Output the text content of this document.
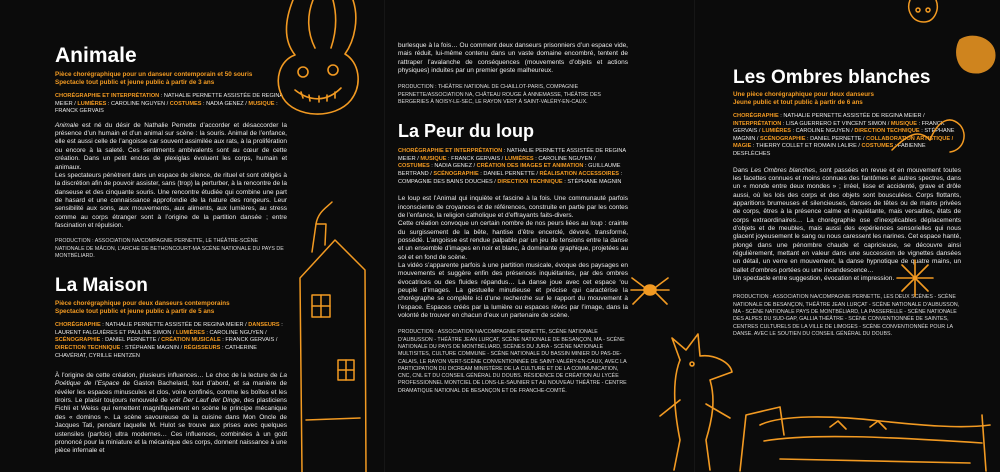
Animale

Pièce chorégraphique pour un danseur contemporain et 50 souris

Spectacle tout public et jeune public à partir de 3 ans

CHORÉGRAPHIE ET INTERPRÉTATION : NATHALIE PERNETTE ASSISTÉE DE REGINA MEIER / LUMIÈRES : CAROLINE NGUYEN / COSTUMES : NADIA GENEZ / MUSIQUE : FRANCK GERVAIS

Animale est né du désir de Nathalie Pernette d’accorder et désaccorder la présence d’un humain et d’un animal sur scène : la souris. Animal de l’enfance, elle est aussi celle de l’angoisse car souvent assimilée aux rats, à la prolifération ou encore à la saleté. Ces sentiments ambivalents sont au cœur de cette création. Dans un petit enclos de plexiglas évoluent les corps, humain et animaux.

Les spectateurs pénètrent dans un espace de silence, de rituel et sont obligés à la discrétion afin de pouvoir assister, sans (trop) la perturber, à la rencontre de la danseuse et des cinquante souris. Une rencontre étudiée qui combine une part de hasard et une connaissance approfondie de la nature des rongeurs. Leur sensibilité aux sons, aux mouvements, aux aliments, aux lumières, au stress comme au corps étranger sont à l’origine de la partition dansée ; entre fascination et répulsion.

PRODUCTION : ASSOCIATION NA/COMPAGNIE PERNETTE, LE THÉÂTRE-SCÈNE NATIONALE DE MÂCON, L’ARCHE DE BETHONCOURT-MA SCÈNE NATIONALE DU PAYS DE MONTBÉLIARD.

La Maison

Pièce chorégraphique pour deux danseurs contemporains

Spectacle tout public et jeune public à partir de 5 ans

CHORÉGRAPHIE : NATHALIE PERNETTE ASSISTÉE DE REGINA MEIER / DANSEURS : LAURENT FALGUIÈRES ET PAULINE SIMON / LUMIÈRES : CAROLINE NGUYEN / SCÉNOGRAPHIE : DANIEL PERNETTE / CRÉATION MUSICALE : FRANCK GERVAIS / DIRECTION TECHNIQUE : STÉPHANE MAGNIN / RÉGISSEURS : CATHERINE CHAVÉRIAT, CYRILLE HENTZEN

À l’origine de cette création, plusieurs influences… Le choc de la lecture de La Poétique de l’Espace de Gaston Bachelard, tout d’abord, et sa manière de révéler les espaces minuscules et clos, voire confinés, comme les boîtes et les tiroirs. Le plaisir toujours renouvelé de voir Der Lauf der Dinge, des plasticiens Fichli et Weiss qui remettent magnifiquement en scène le principe mécanique des « dominos ». La scène savoureuse de la cuisine dans Mon Oncle de Jacques Tati, pendant laquelle M. Hulot se trouve aux prises avec quelques ustensiles (parfois) ultra modernes… Ces influences, combinées à un goût prononcé pour la miniature et la mécanique des corps, donnent naissance à une pièce infernale et

burlesque à la fois… Ou comment deux danseurs prisonniers d’un espace vide, mais réduit, lui-même contenu dans un vaste domaine encombré, tentent de rattraper l’avalanche de conséquences (mouvements d’objets et actions physiques) induites par un premier geste malheureux.

PRODUCTION : THÉÂTRE NATIONAL DE CHAILLOT-PARIS, COMPAGNIE PERNETTE/ASSOCIATION NA, CHÂTEAU ROUGE À ANNEMASSE, THÉÂTRE DES BERGERIES À NOISY-LE-SEC, LE RAYON VERT À SAINT-VALÉRY-EN-CAUX.

La Peur du loup

CHORÉGRAPHIE ET INTERPRÉTATION : NATHALIE PERNETTE ASSISTÉE DE REGINA MEIER / MUSIQUE : FRANCK GERVAIS / LUMIÈRES : CAROLINE NGUYEN / COSTUMES : NADIA GENEZ / CRÉATION DES IMAGES ET ANIMATION : GUILLAUME BERTRAND / SCÉNOGRAPHIE : DANIEL PERNETTE / RÉALISATION ACCESSOIRES : COMPAGNIE DES BAINS DOUCHES / DIRECTION TECHNIQUE : STÉPHANE MAGNIN

Le loup est l’Animal qui inquiète et fascine à la fois. Une communauté parfois inconsciente de croyances et de références, construite en partie par les contes de l’enfance, la religion catholique et d’effrayants faits-divers.

Cette création convoque un certain nombre de nos peurs liées au loup : crainte du surgissement de la bête, hantise d’être encerclé, dévoré, transformé, possédé. L’angoisse est rendue palpable par un jeu de tensions entre la danse et un ensemble d’images en noir et blanc, à dominante graphique, projetées au sol et en fond de scène.

La vidéo s’apparente parfois à une partition musicale, évoque des paysages en mouvements et suggère enfin des présences inquiétantes, par des ombres évocatrices ou des fluides répandus… La danse joue avec cet espace ‘ou peuplé d’images. La gestuelle minutieuse et précise qui caractérise la chorégraphe se complète ici d’une recherche sur le rapport du mouvement à l’espace. Espaces créés par la lumière ou espaces révés par l’image, dans la volonté de trouver en chacun d’eux un partenaire de scène.

PRODUCTION : ASSOCIATION NA/COMPAGNIE PERNETTE, SCÈNE NATIONALE D’AUBUSSON - THÉÂTRE JEAN LURÇAT, SCÈNE NATIONALE DE BESANÇON, MA - SCÈNE NATIONALE DU PAYS DE MONTBÉLIARD, SCÈNES DU JURA - SCÈNE NATIONALE MULTISITES, CULTURE COMMUNE - SCÈNE NATIONALE DU BASSIN MINIER DU PAS-DE-CALAIS, LE RAYON VERT-SCÈNE CONVENTIONNÉE DE SAINT-VALÉRY-EN-CAUX, AVEC LA PARTICIPATION DU DICREAM MINISTÈRE DE LA CULTURE ET DE LA COMMUNICATION, CNC, CNL ET DU CONSEIL GÉNÉRAL DU DOUBS. RÉSIDENCE DE CRÉATION AU LYCÉE PROFESSIONNEL MONTCIEL DE LONS-LE-SAUNIER ET AU NOUVEAU THÉÂTRE - CENTRE DRAMATIQUE NATIONAL DE BESANÇON ET DE FRANCHE-COMTÉ.

Les Ombres blanches

Une pièce chorégraphique pour deux danseurs

Jeune public et tout public à partir de 6 ans

CHORÉGRAPHIE : NATHALIE PERNETTE ASSISTÉE DE REGINA MEIER / INTERPRÉTATION : LISA GUERRERO ET VINCENT SIMON / MUSIQUE : FRANCK GERVAIS / LUMIÈRES : CAROLINE NGUYEN / DIRECTION TECHNIQUE : STÉPHANE MAGNIN / SCÉNOGRAPHIE : DANIEL PERNETTE / COLLABORATION ARTISTIQUE / MAGIE : THIERRY COLLET ET ROMAIN LALIRE / COSTUMES : FABIENNE DESFLÈCHES

Dans Les Ombres blanches, sont passées en revue et en mouvement toutes les facettes connues et moins connues des fantômes et autres spectres, dans un « monde entre deux mondes » ; irréel, lisse et accidenté, grave et drôle aussi, où les lois des corps et des objets sont bousculées. Corps flottants, apparitions brumeuses et silencieuses, danses de têtes ou de mains privées de corps, êtres à la présence calme et inquiétante, mais versatiles, êtats de corps extraordinaires… La chorégraphie ose d’inexplicables déplacements d’objets et de meubles, mais aussi des expériences sensorielles qui nous glacent joyeusement le sang ou nous caressent les narines. Cet espace hanté, plongé dans une pénombre chaude et capricieuse, se découvre ainsi régulièrement, mettant en valeur dans une succession de vignettes dansées un détail, un verre en mouvement, la danse hypnotique de quatre mains, un ballet d’ombres portées ou une incandescence…

Un spectacle entre suggestion, évocation et impression.

PRODUCTION : ASSOCIATION NA/COMPAGNIE PERNETTE, LES DEUX SCÈNES - SCÈNE NATIONALE DE BESANÇON, THÉÂTRE JEAN LURÇAT - SCÈNE NATIONALE D’AUBUSSON, MA - SCÈNE NATIONALE PAYS DE MONTBÉLIARD, LA PASSERELLE - SCÈNE NATIONALE DES ALPES DU SUD-GAP, GALLIA THÉÂTRE - SCÈNE CONVENTIONNÉE DE SAINTES, CENTRES CULTURELS DE LA VILLE DE LIMOGES - SCÈNE CONVENTIONNÉE POUR LA DANSE. AVEC LE SOUTIEN DU CONSEIL GÉNÉRAL DU DOUBS.
